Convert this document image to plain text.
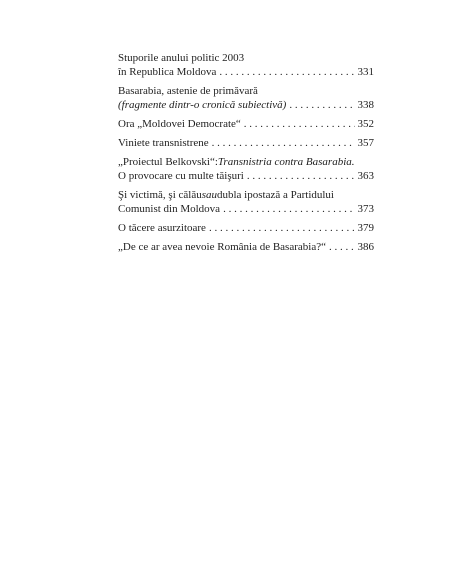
Stuporile anului politic 2003
în Republica Moldova . . .	331
Basarabia, astenie de primăvară
(fragmente dintr-o cronică subiectivă) . . .	338
Ora „Moldovei Democrate“ . . .	352
Viniete transnistrene . . .	357
„Proiectul Belkovski“: Transnistria contra Basarabia.
O provocare cu multe tăişuri . . .	363
Şi victimă, şi călău sau dubla ipostază a Partidului
Comunist din Moldova . . .	373
O tăcere asurzitoare . . .	379
„De ce ar avea nevoie România de Basarabia?“ . . .	386
